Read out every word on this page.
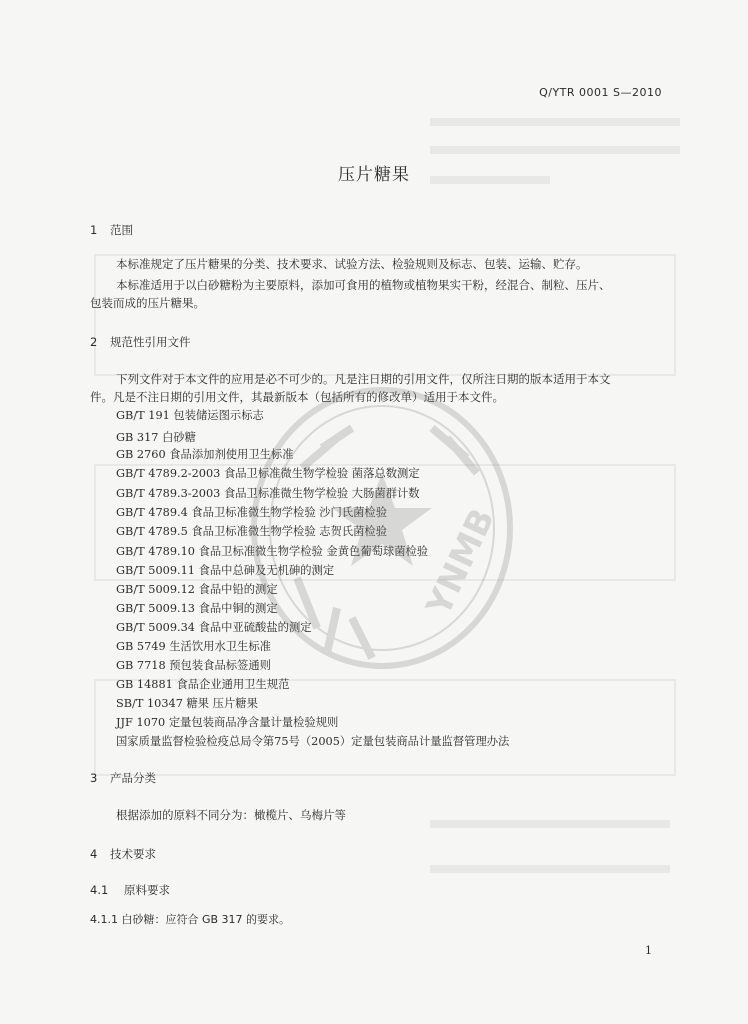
Q/YTR 0001 S—2010
压片糖果
1 范围
本标准规定了压片糖果的分类、技术要求、试验方法、检验规则及标志、包装、运输、贮存。
本标准适用于以白砂糖粉为主要原料，添加可食用的植物或植物果实干粉，经混合、制粒、压片、
包装而成的压片糖果。
2 规范性引用文件
下列文件对于本文件的应用是必不可少的。凡是注日期的引用文件，仅所注日期的版本适用于本文
件。凡是不注日期的引用文件，其最新版本（包括所有的修改单）适用于本文件。
GB/T 191 包装储运图示标志
GB 317 白砂糖
GB 2760 食品添加剂使用卫生标准
GB/T 4789.2-2003 食品卫标准微生物学检验 菌落总数测定
GB/T 4789.3-2003 食品卫标准微生物学检验 大肠菌群计数
GB/T 4789.4 食品卫标准微生物学检验 沙门氏菌检验
GB/T 4789.5 食品卫标准微生物学检验 志贺氏菌检验
GB/T 4789.10 食品卫标准微生物学检验 金黄色葡萄球菌检验
GB/T 5009.11 食品中总砷及无机砷的测定
GB/T 5009.12 食品中铅的测定
GB/T 5009.13 食品中铜的测定
GB/T 5009.34 食品中亚硫酸盐的测定
GB 5749 生活饮用水卫生标准
GB 7718 预包装食品标签通则
GB 14881 食品企业通用卫生规范
SB/T 10347 糖果 压片糖果
JJF 1070 定量包装商品净含量计量检验规则
国家质量监督检验检疫总局令第75号（2005）定量包装商品计量监督管理办法
3 产品分类
根据添加的原料不同分为：橄榄片、乌梅片等
4 技术要求
4.1 原料要求
4.1.1 白砂糖：应符合 GB 317 的要求。
1
YNMB
